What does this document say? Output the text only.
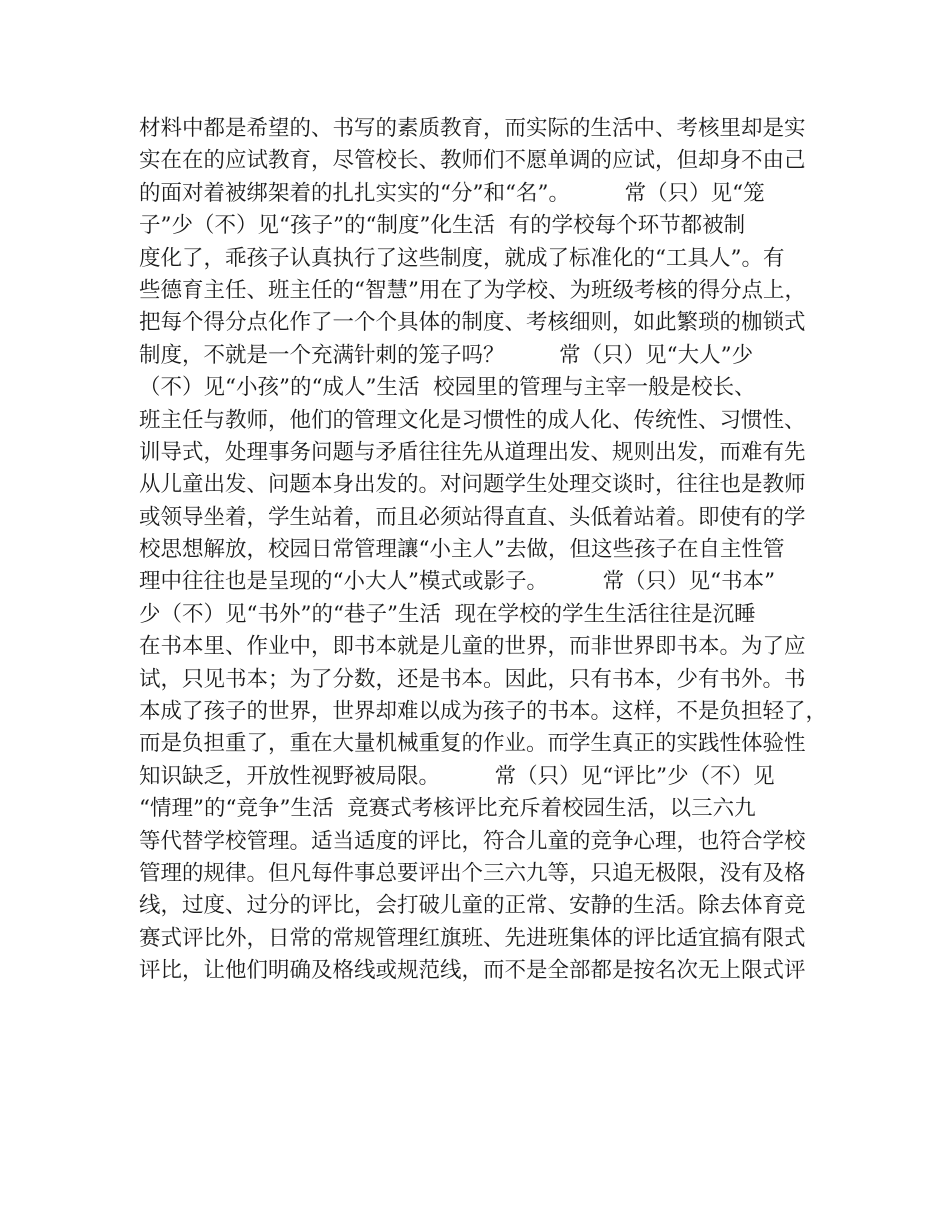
材料中都是希望的、书写的素质教育，而实际的生活中、考核里却是实
实在在的应试教育，尽管校长、教师们不愿单调的应试，但却身不由己
的面对着被绑架着的扎扎实实的“分”和“名”。        常（只）见“笼
子”少（不）见“孩子”的“制度”化生活  有的学校每个环节都被制
度化了，乖孩子认真执行了这些制度，就成了标准化的“工具人”。有
些德育主任、班主任的“智慧”用在了为学校、为班级考核的得分点上，
把每个得分点化作了一个个具体的制度、考核细则，如此繁琐的枷锁式
制度，不就是一个充满针刺的笼子吗？        常（只）见“大人”少
（不）见“小孩”的“成人”生活  校园里的管理与主宰一般是校长、
班主任与教师，他们的管理文化是习惯性的成人化、传统性、习惯性、
训导式，处理事务问题与矛盾往往先从道理出发、规则出发，而难有先
从儿童出发、问题本身出发的。对问题学生处理交谈时，往往也是教师
或领导坐着，学生站着，而且必须站得直直、头低着站着。即使有的学
校思想解放，校园日常管理讓“小主人”去做，但这些孩子在自主性管
理中往往也是呈现的“小大人”模式或影子。        常（只）见“书本”
少（不）见“书外”的“巷子”生活  现在学校的学生生活往往是沉睡
在书本里、作业中，即书本就是儿童的世界，而非世界即书本。为了应
试，只见书本；为了分数，还是书本。因此，只有书本，少有书外。书
本成了孩子的世界，世界却难以成为孩子的书本。这样，不是负担轻了，
而是负担重了，重在大量机械重复的作业。而学生真正的实践性体验性
知识缺乏，开放性视野被局限。        常（只）见“评比”少（不）见
“情理”的“竞争”生活  竞赛式考核评比充斥着校园生活，以三六九
等代替学校管理。适当适度的评比，符合儿童的竞争心理，也符合学校
管理的规律。但凡每件事总要评出个三六九等，只追无极限，没有及格
线，过度、过分的评比，会打破儿童的正常、安静的生活。除去体育竞
赛式评比外，日常的常规管理红旗班、先进班集体的评比适宜搞有限式
评比，让他们明确及格线或规范线，而不是全部都是按名次无上限式评
